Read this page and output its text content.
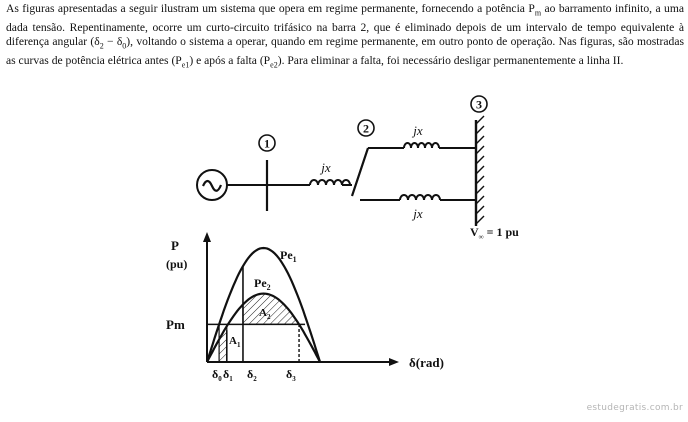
As figuras apresentadas a seguir ilustram um sistema que opera em regime permanente, fornecendo a potência $P_m$ ao barramento infinito, a uma dada tensão. Repentinamente, ocorre um curto-circuito trifásico na barra 2, que é eliminado depois de um intervalo de tempo equivalente à diferença angular $(\delta_2 - \delta_0)$, voltando o sistema a operar, quando em regime permanente, em outro ponto de operação. Nas figuras, são mostradas as curvas de potência elétrica antes $(P_{e1})$ e após a falta $(P_{e2})$. Para eliminar a falta, foi necessário desligar permanentemente a linha II.

1
2
3
jx
jx
jx
$V_\infty = 1$ pu
P
(pu)
Pm
δ(rad)
$Pe_1$
$Pe_2$
$A_2$
$A_1$
$\delta_0$ $\delta_1$ $\delta_2$ $\delta_3$
estudegratis.com.br
